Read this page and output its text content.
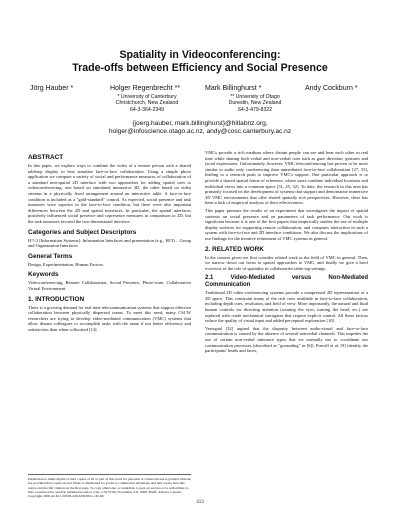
Spatiality in Videoconferencing:
Trade-offs between Efficiency and Social Presence
Jörg Hauber *	Holger Regenbrecht **	Mark Billinghurst *	Andy Cockburn *
* University of Canterbury
Christchurch, New Zealand
64-3-364-2349
** University of Otago
Dunedin, New Zealand
64-3-479-8322
{joerg.hauber, mark.billinghurst}@hitlabnz.org,
holger@infoscience.otago.ac.nz, andy@cosc.canterbury.ac.nz
ABSTRACT

In this paper, we explore ways to combine the video of a remote person with a shared tabletop display to best simulate face-to-face collaboration. Using a simple photo application we compare a variety of social and performance measures of collaboration of a standard non-spatial 2D interface with two approaches for adding spatial cues to videoconferencing: one based on simulated immersive 3D, the other based on video streams in a physically fixed arrangement around an interactive table. A face-to-face condition is included as a "gold-standard" control. As expected, social presence and task measures were superior in the face-to-face condition, but there were also important differences between the 2D and spatial interfaces. In particular, the spatial interfaces positively influenced social presence and copresence measures in comparison to 2D, but the task measures favored the two-dimensional interface.

Categories and Subject Descriptors

H.5.3 [Information Systems]: Information Interfaces and presentation (e.g., HCI) – Group and Organization Interfaces

General Terms

Design, Experimentation, Human Factors.

Keywords

Videoconferencing, Remote Collaboration, Social Presence, Photo-ware, Collaborative Virtual Environment

1. INTRODUCTION

There is a growing demand for real time telecommunication systems that support effective collaboration between physically dispersed teams. To meet this need, many CSCW researchers are trying to develop video-mediated communication (VMC) systems that allow distant colleagues to accomplish tasks with the same if not better efficiency and satisfaction than when collocated [14].

Permission to make digital or hard copies of all or part of this work for personal or classroom use is granted without fee provided that copies are not made or distributed for profit or commercial advantage and that copies bear this notice and the full citation on the first page. To copy otherwise, or republish, to post on servers or to redistribute to lists, requires prior specific permission and/or a fee. CSCW'06, November 4–8, 2006, Banff, Alberta, Canada. Copyright 2006 ACM 1-59593-249-6/06/0011...$5.00.

VMCs provide a rich medium where distant people can see and hear each other in real time while sharing both verbal and non-verbal cues such as gaze direction, gestures and facial expressions. Unfortunately, however, VMC teleconferencing has proven to be more similar to audio only conferencing than unmediated face-to-face collaboration [27, 33], leading to a research push to improve VMC's support. One particular approach is to provide a shared spatial frame of reference, where users combine individual locations and individual views into a common space [31, 25, 32]. To date, the research in this area has primarily focused on the development of systems that support and demonstrate immersive 3D VMC environments that offer shared spatially rich perspectives. However, there has been a lack of empirical analysis of their effectiveness.

This paper presents the results of an experiment that investigates the impact of spatial contexts on social presence and on parameters of task performance. Our work is significant because it is one of the first papers that empirically studies the use of multiple display surfaces for supporting remote collaboration, and compares interaction in such a system with face-to-face and 2D interface conditions. We also discuss the implications of our findings for the iterative refinement of VMC systems in general.

2. RELATED WORK

In the context given we first consider related work in the field of VMC in general. Then, we narrow down our focus to spatial approaches to VMC, and finally we give a brief overview of the role of spatiality in collaborative table-top settings.

2.1 Video-Mediated versus Non-Mediated Communication

Traditional 2D video-conferencing systems provide a compressed 2D representation of a 3D space. This constraint many of the rich cues available in face-to-face collaboration, including depth cues, resolution, and field of view. More importantly, the natural and fluid human controls for directing attention (rotating the eyes, turning the head, etc.) are replaced with crude mechanical surrogates that require explicit control. All these factors reduce the quality of visual input and added perceptual exploration [10].

Vertegaal [32] argued that the disparity between audio-visual and face-to-face communication is caused by the absence of several nonverbal channels. This impedes the use of certain non-verbal utterance types that we normally use to coordinate our communication processes (described as "grounding" in [6]). Purcell et al. [9] identify the participants' heads and faces,

413
